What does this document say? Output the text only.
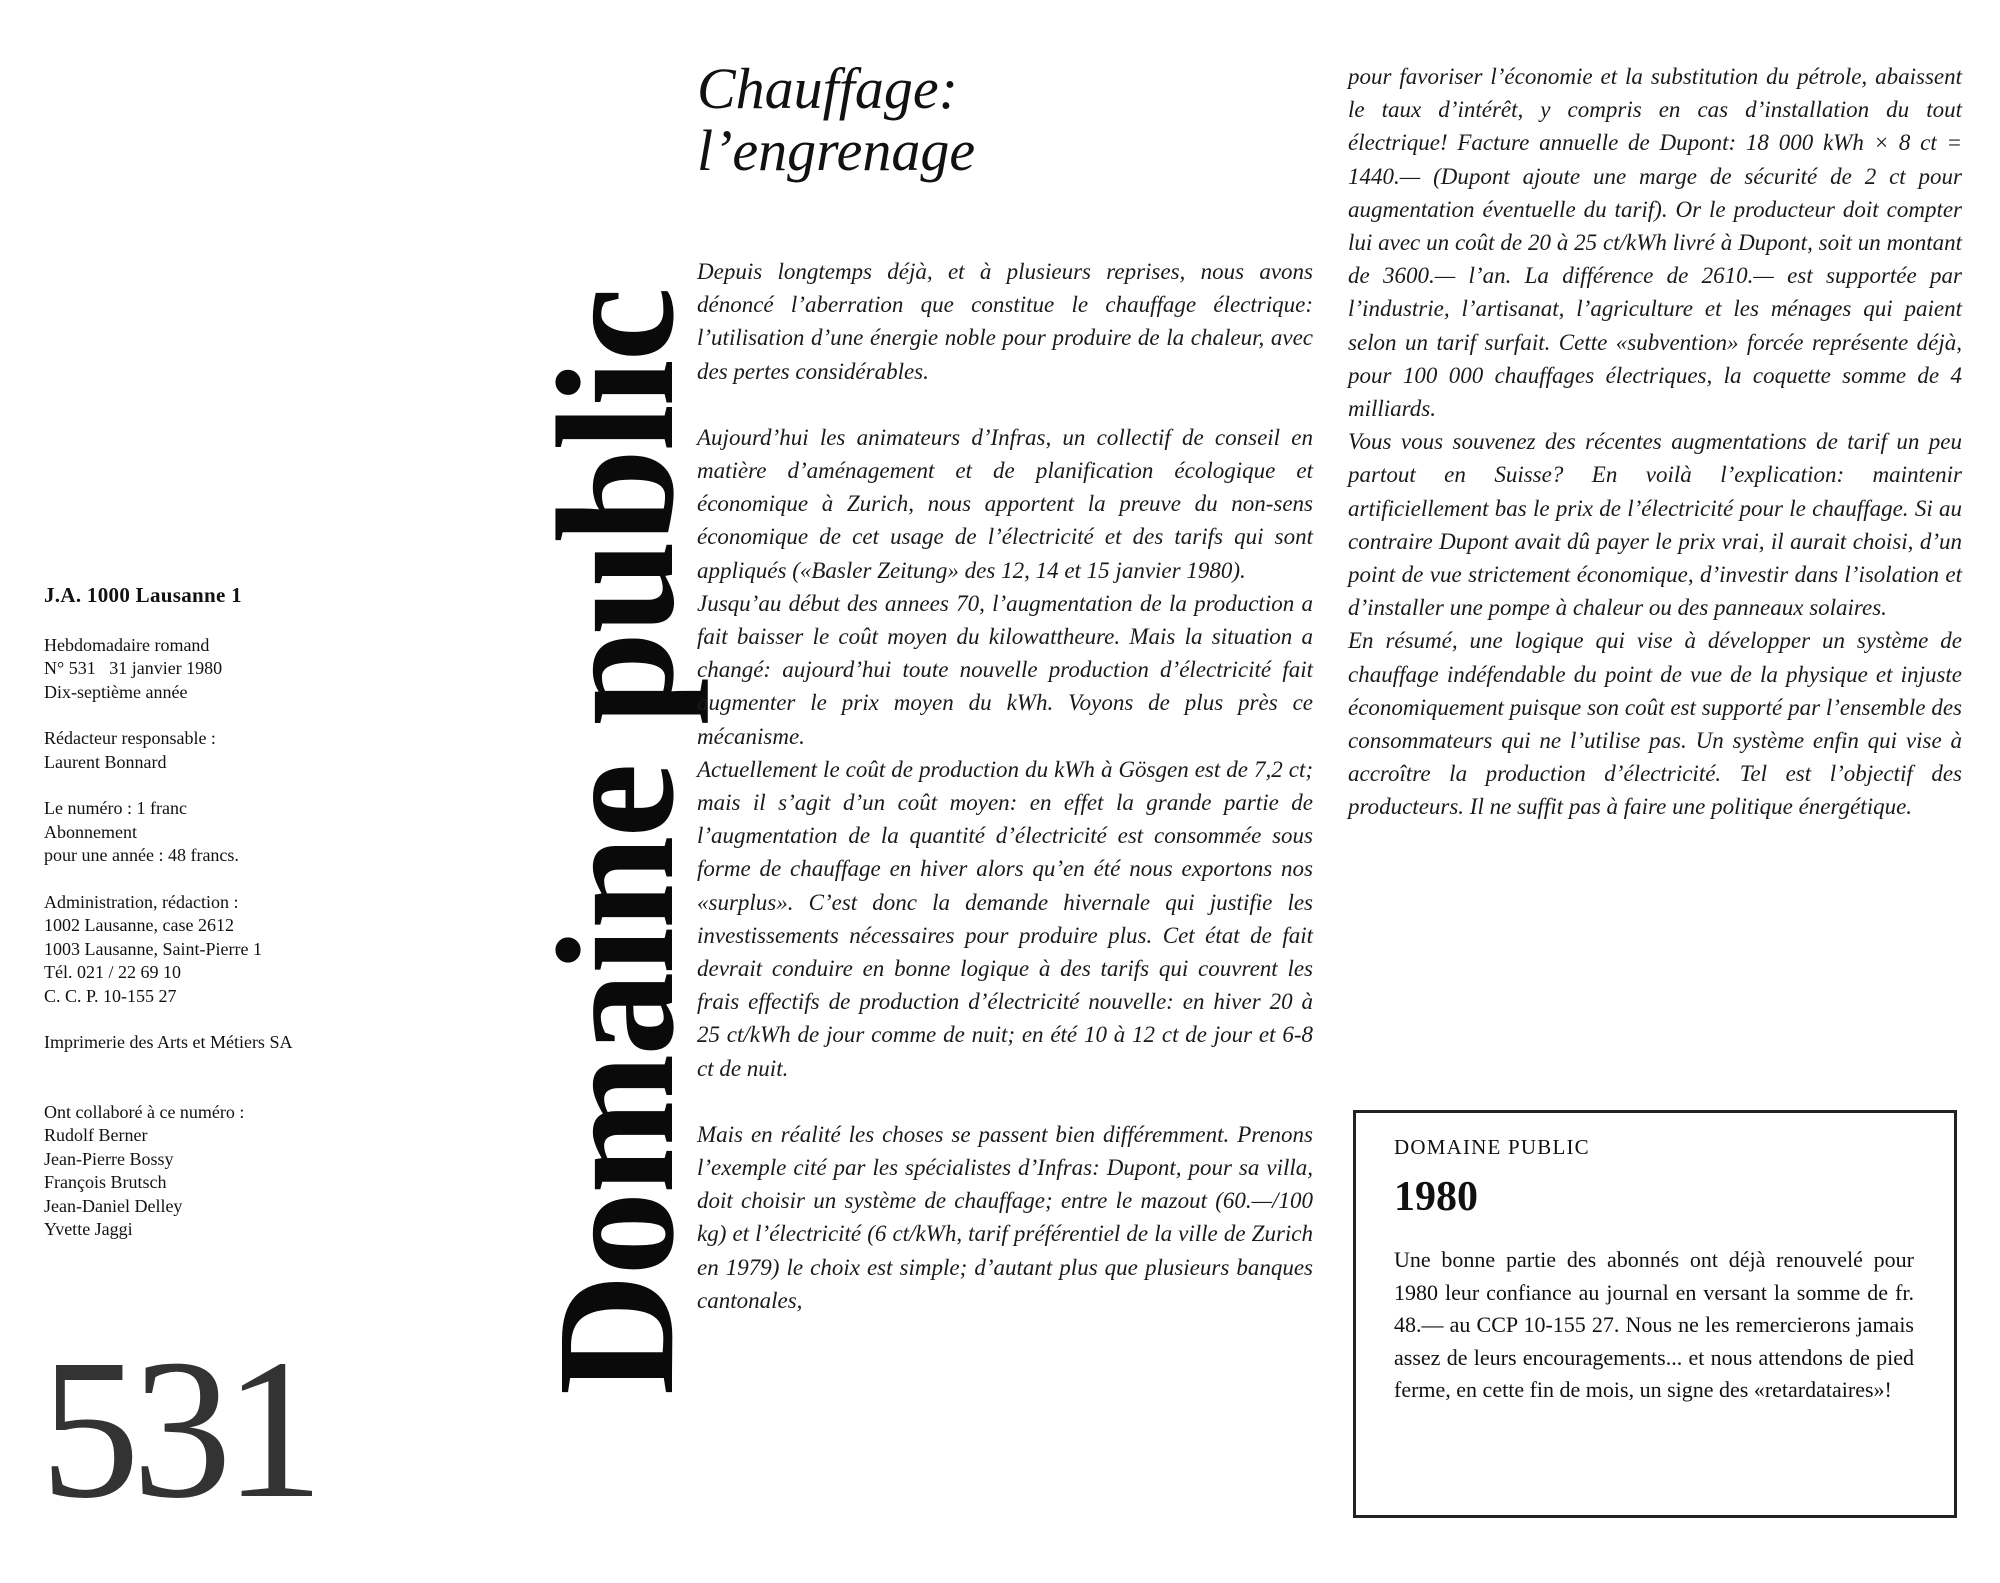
J.A. 1000 Lausanne 1
Hebdomadaire romand
N° 531   31 janvier 1980
Dix-septième année
Rédacteur responsable :
Laurent Bonnard
Le numéro : 1 franc
Abonnement
pour une année : 48 francs.
Administration, rédaction :
1002 Lausanne, case 2612
1003 Lausanne, Saint-Pierre 1
Tél. 021 / 22 69 10
C. C. P. 10-155 27
Imprimerie des Arts et Métiers SA
Ont collaboré à ce numéro :
Rudolf Berner
Jean-Pierre Bossy
François Brutsch
Jean-Daniel Delley
Yvette Jaggi
531
Domaine public
Chauffage:
l’engrenage

Depuis longtemps déjà, et à plusieurs reprises, nous avons dénoncé l’aberration que constitue le chauffage électrique: l’utilisation d’une énergie noble pour produire de la chaleur, avec des pertes considérables.

Aujourd’hui les animateurs d’Infras, un collectif de conseil en matière d’aménagement et de planification écologique et économique à Zurich, nous apportent la preuve du non-sens économique de cet usage de l’électricité et des tarifs qui sont appliqués («Basler Zeitung» des 12, 14 et 15 janvier 1980).

Jusqu’au début des annees 70, l’augmentation de la production a fait baisser le coût moyen du kilowattheure. Mais la situation a changé: aujourd’hui toute nouvelle production d’électricité fait augmenter le prix moyen du kWh. Voyons de plus près ce mécanisme.

Actuellement le coût de production du kWh à Gösgen est de 7,2 ct; mais il s’agit d’un coût moyen: en effet la grande partie de l’augmentation de la quantité d’électricité est consommée sous forme de chauffage en hiver alors qu’en été nous exportons nos «surplus». C’est donc la demande hivernale qui justifie les investissements nécessaires pour produire plus. Cet état de fait devrait conduire en bonne logique à des tarifs qui couvrent les frais effectifs de production d’électricité nouvelle: en hiver 20 à 25 ct/kWh de jour comme de nuit; en été 10 à 12 ct de jour et 6-8 ct de nuit.

Mais en réalité les choses se passent bien différemment. Prenons l’exemple cité par les spécialistes d’Infras: Dupont, pour sa villa, doit choisir un système de chauffage; entre le mazout (60.—/100 kg) et l’électricité (6 ct/kWh, tarif préférentiel de la ville de Zurich en 1979) le choix est simple; d’autant plus que plusieurs banques cantonales,

pour favoriser l’économie et la substitution du pétrole, abaissent le taux d’intérêt, y compris en cas d’installation du tout électrique! Facture annuelle de Dupont: 18 000 kWh × 8 ct = 1440.— (Dupont ajoute une marge de sécurité de 2 ct pour augmentation éventuelle du tarif). Or le producteur doit compter lui avec un coût de 20 à 25 ct/kWh livré à Dupont, soit un montant de 3600.— l’an. La différence de 2610.— est supportée par l’industrie, l’artisanat, l’agriculture et les ménages qui paient selon un tarif surfait. Cette «subvention» forcée représente déjà, pour 100 000 chauffages électriques, la coquette somme de 4 milliards.

Vous vous souvenez des récentes augmentations de tarif un peu partout en Suisse? En voilà l’explication: maintenir artificiellement bas le prix de l’électricité pour le chauffage. Si au contraire Dupont avait dû payer le prix vrai, il aurait choisi, d’un point de vue strictement économique, d’investir dans l’isolation et d’installer une pompe à chaleur ou des panneaux solaires.

En résumé, une logique qui vise à développer un système de chauffage indéfendable du point de vue de la physique et injuste économiquement puisque son coût est supporté par l’ensemble des consommateurs qui ne l’utilise pas. Un système enfin qui vise à accroître la production d’électricité. Tel est l’objectif des producteurs. Il ne suffit pas à faire une politique énergétique.

DOMAINE PUBLIC
1980
Une bonne partie des abonnés ont déjà renouvelé pour 1980 leur confiance au journal en versant la somme de fr. 48.— au CCP 10-155 27. Nous ne les remercierons jamais assez de leurs encouragements... et nous attendons de pied ferme, en cette fin de mois, un signe des «retardataires»!
